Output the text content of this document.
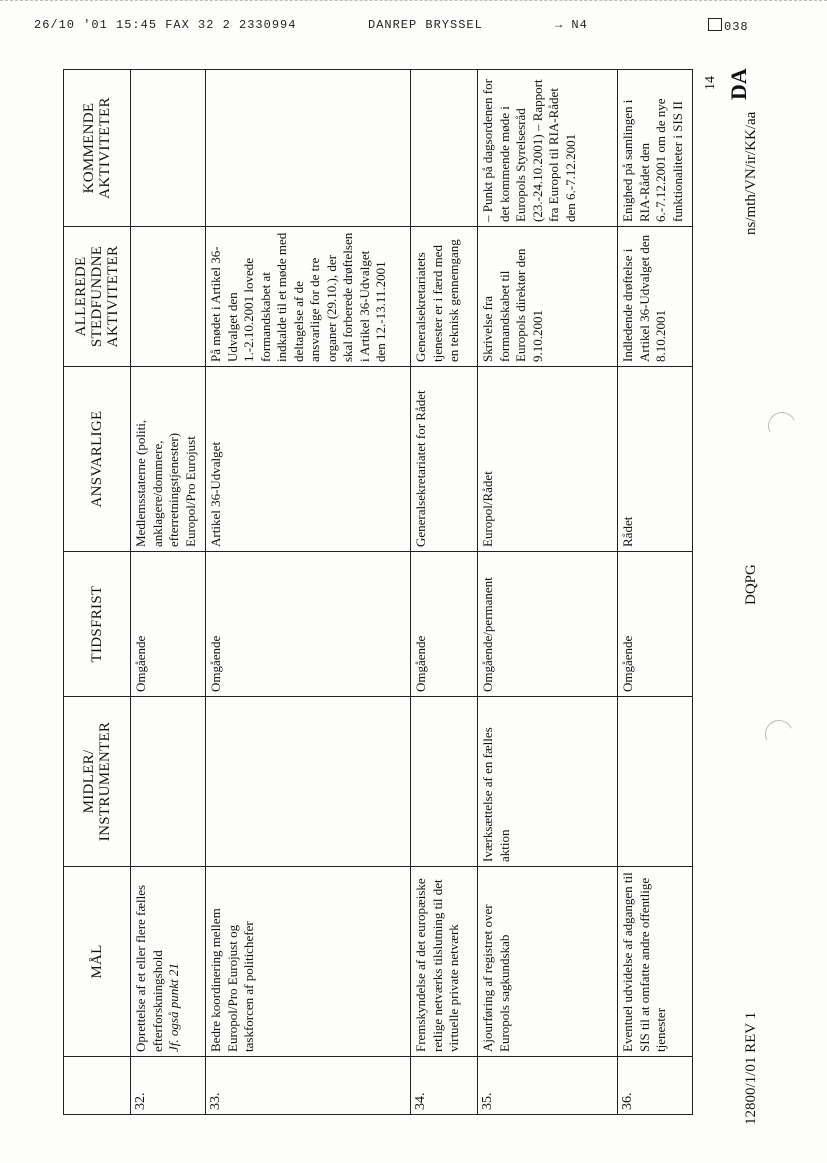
26/10 '01 15:45 FAX 32 2 2330994	DANREP BRYSSEL	→ N4	038
	MÅL	MIDLER/ INSTRUMENTER	TIDSFRIST	ANSVARLIGE	ALLEREDE STEDFUNDNE AKTIVITETER	KOMMENDE AKTIVITETER
32.	Oprettelse af et eller flere fælles efterforskningshold Jf. også punkt 21		Omgående	Medlemsstaterne (politi, anklagere/dommere, efterretningstjenester) Europol/Pro Eurojust		
33.	Bedre koordinering mellem Europol/Pro Eurojust og taskforcen af politichefer		Omgående	Artikel 36-Udvalget	På mødet i Artikel 36-Udvalget den 1.-2.10.2001 lovede formandskabet at indkalde til et møde med deltagelse af de ansvarlige for de tre organer (29.10.), der skal forberede drøftelsen i Artikel 36-Udvalget den 12.-13.11.2001	
34.	Fremskyndelse af det europæiske retlige netværks tilslutning til det virtuelle private netværk		Omgående	Generalsekretariatet for Rådet	Generalsekretariatets tjenester er i færd med en teknisk gennemgang	
35.	Ajourføring af registret over Europols sagkundskab	Iværksættelse af en fælles aktion	Omgående/permanent	Europol/Rådet	Skrivelse fra formandskabet til Europols direktør den 9.10.2001	– Punkt på dagsordenen for det kommende møde i Europols Styrelsesråd (23.-24.10.2001) – Rapport fra Europol til RIA-Rådet den 6.-7.12.2001
36.	Eventuel udvidelse af adgangen til SIS til at omfatte andre offentlige tjenester		Omgående	Rådet	Indledende drøftelse i Artikel 36-Udvalget den 8.10.2001	Enighed på samlingen i RIA-Rådet den 6.-7.12.2001 om de nye funktionaliteter i SIS II
14 DA
12800/1/01 REV 1
DQPG
ns/mth/VN/ir/KK/aa
